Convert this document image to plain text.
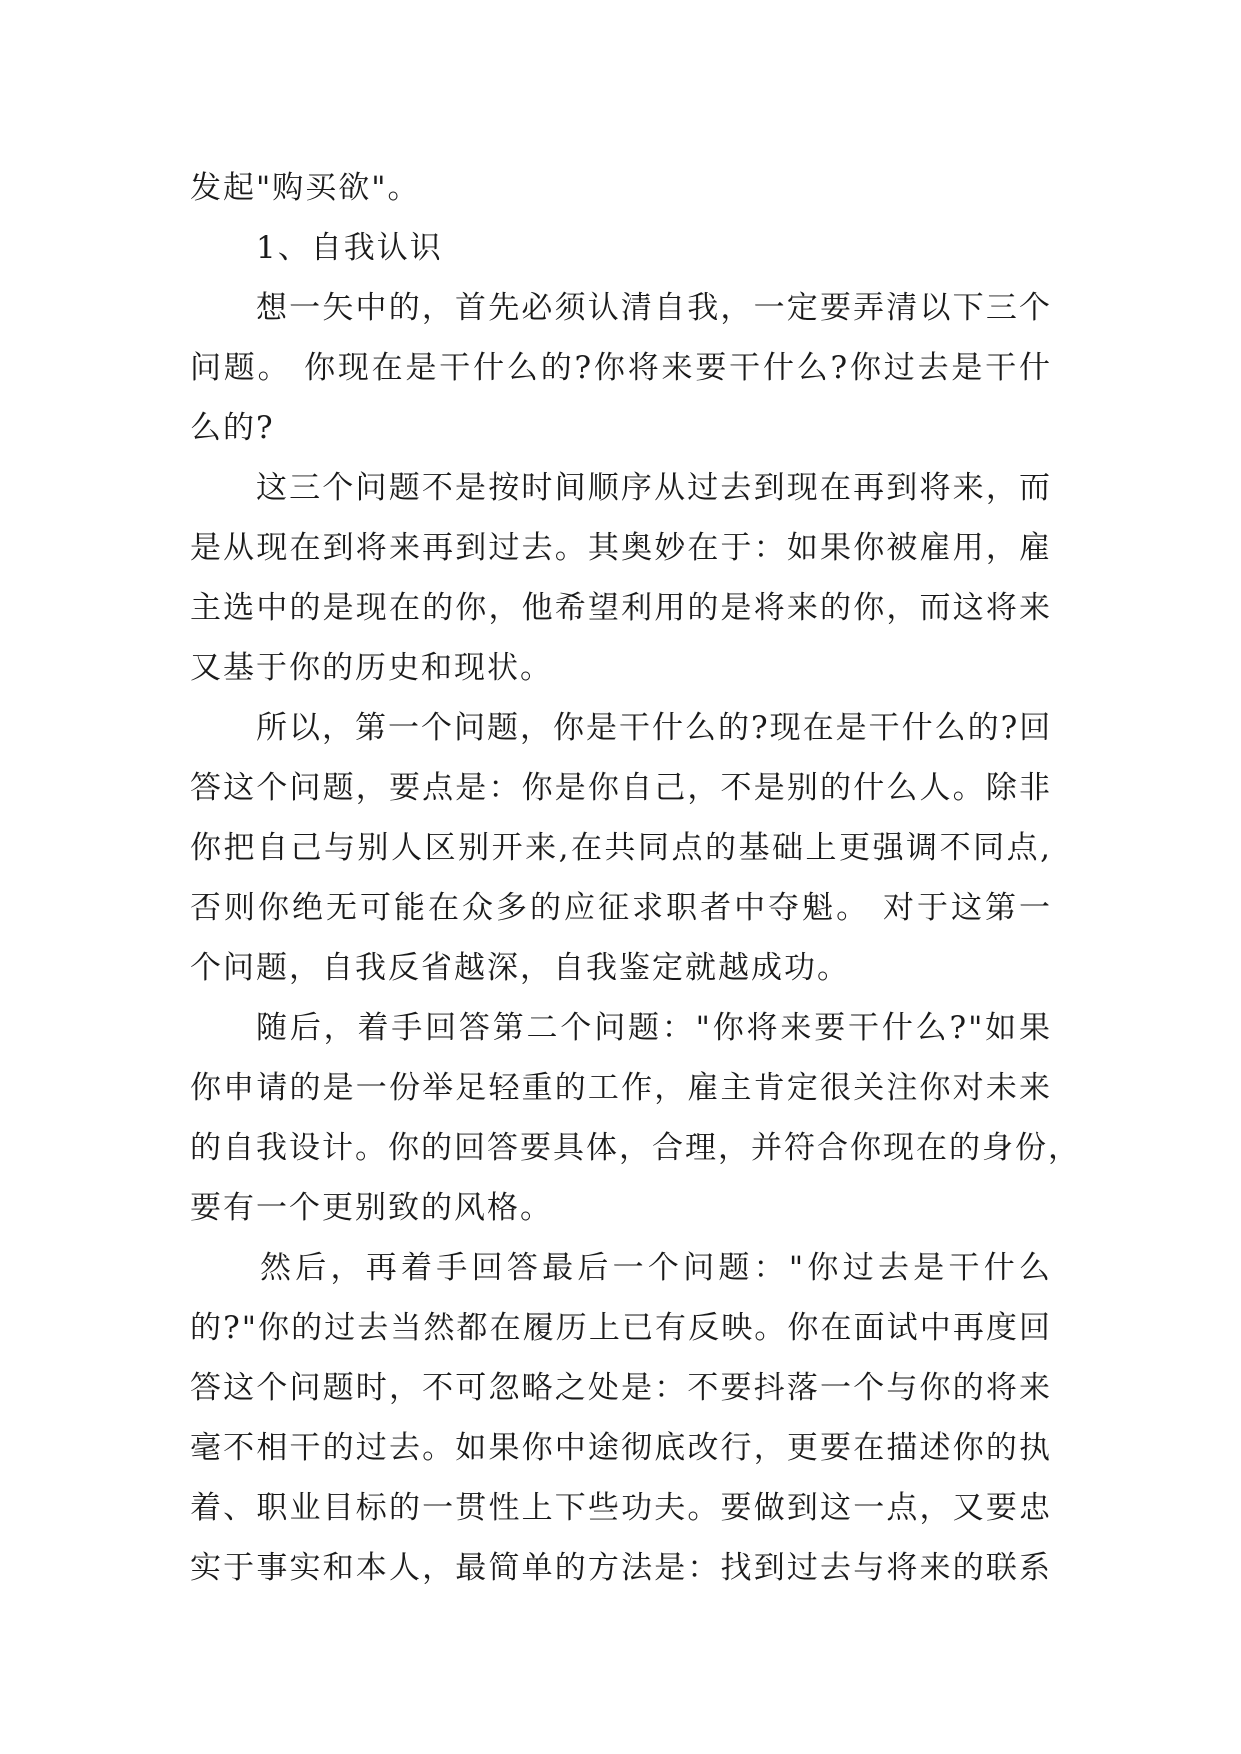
发起"购买欲"。
1、自我认识
想一矢中的，首先必须认清自我，一定要弄清以下三个
问题。 你现在是干什么的?你将来要干什么?你过去是干什
么的?
这三个问题不是按时间顺序从过去到现在再到将来，而
是从现在到将来再到过去。其奥妙在于：如果你被雇用，雇
主选中的是现在的你，他希望利用的是将来的你，而这将来
又基于你的历史和现状。
所以，第一个问题，你是干什么的?现在是干什么的?回
答这个问题，要点是：你是你自己，不是别的什么人。除非
你把自己与别人区别开来,在共同点的基础上更强调不同点,
否则你绝无可能在众多的应征求职者中夺魁。 对于这第一
个问题，自我反省越深，自我鉴定就越成功。
随后，着手回答第二个问题："你将来要干什么?"如果
你申请的是一份举足轻重的工作，雇主肯定很关注你对未来
的自我设计。你的回答要具体，合理，并符合你现在的身份，
要有一个更别致的风格。
然后，再着手回答最后一个问题："你过去是干什么
的?"你的过去当然都在履历上已有反映。你在面试中再度回
答这个问题时，不可忽略之处是：不要抖落一个与你的将来
毫不相干的过去。如果你中途彻底改行，更要在描述你的执
着、职业目标的一贯性上下些功夫。要做到这一点，又要忠
实于事实和本人，最简单的方法是：找到过去与将来的联系
